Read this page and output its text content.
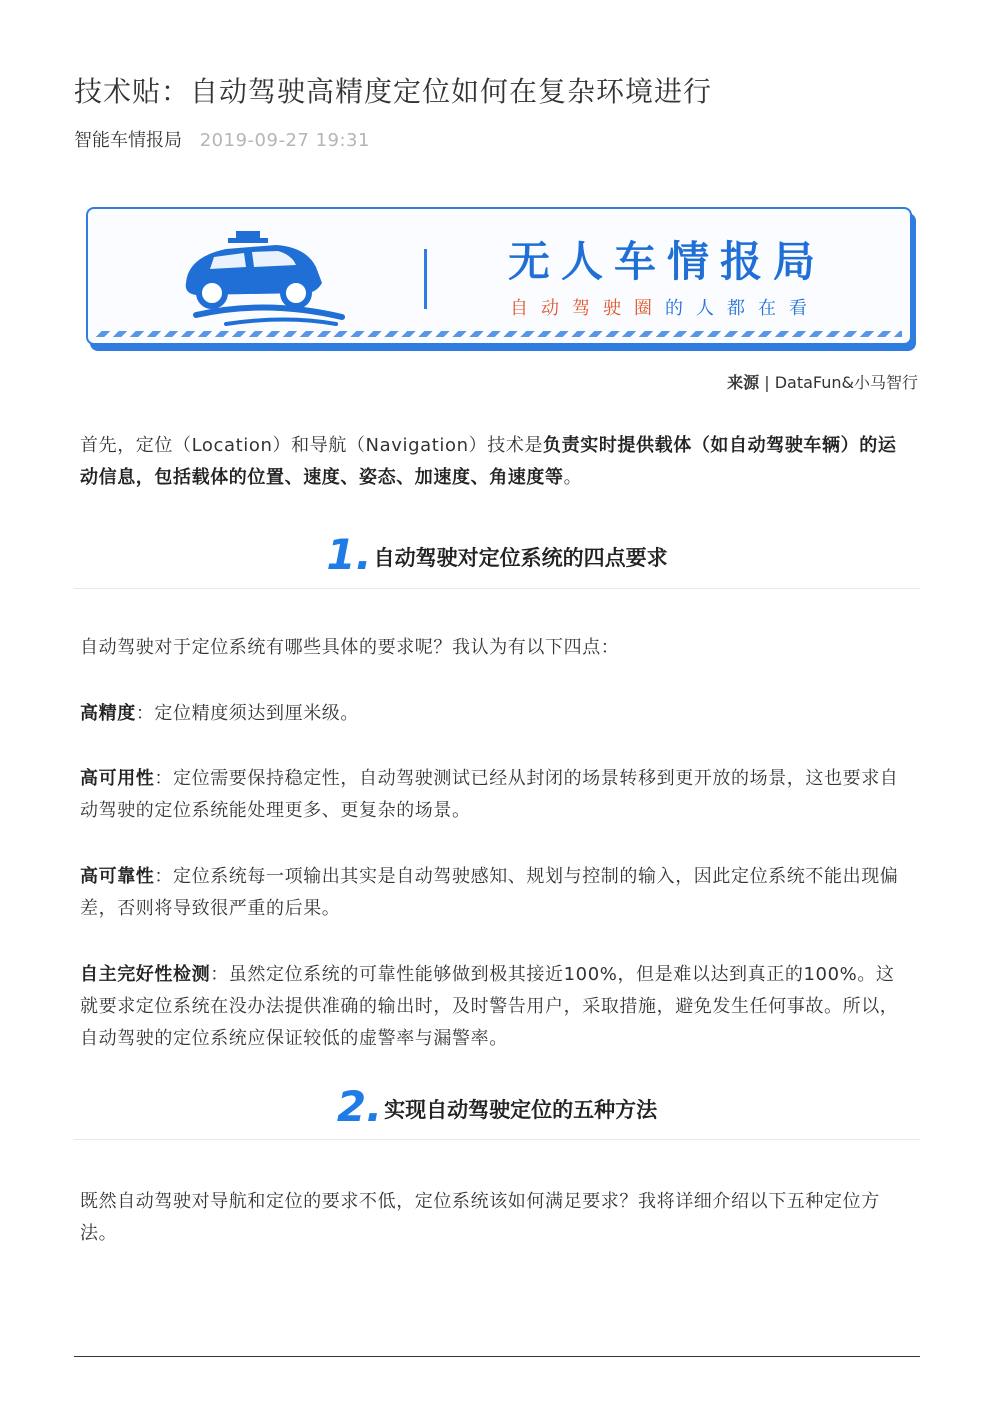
技术贴：自动驾驶高精度定位如何在复杂环境进行
智能车情报局 2019-09-27 19:31
无人车情报局
自动驾驶圈的人都在看
来源 | DataFun&小马智行
首先，定位（Location）和导航（Navigation）技术是负责实时提供载体（如自动驾驶车辆）的运动信息，包括载体的位置、速度、姿态、加速度、角速度等。
1.自动驾驶对定位系统的四点要求
自动驾驶对于定位系统有哪些具体的要求呢？我认为有以下四点：
高精度：定位精度须达到厘米级。
高可用性：定位需要保持稳定性，自动驾驶测试已经从封闭的场景转移到更开放的场景，这也要求自动驾驶的定位系统能处理更多、更复杂的场景。
高可靠性：定位系统每一项输出其实是自动驾驶感知、规划与控制的输入，因此定位系统不能出现偏差，否则将导致很严重的后果。
自主完好性检测：虽然定位系统的可靠性能够做到极其接近100%，但是难以达到真正的100%。这就要求定位系统在没办法提供准确的输出时，及时警告用户，采取措施，避免发生任何事故。所以，自动驾驶的定位系统应保证较低的虚警率与漏警率。
2.实现自动驾驶定位的五种方法
既然自动驾驶对导航和定位的要求不低，定位系统该如何满足要求？我将详细介绍以下五种定位方法。
